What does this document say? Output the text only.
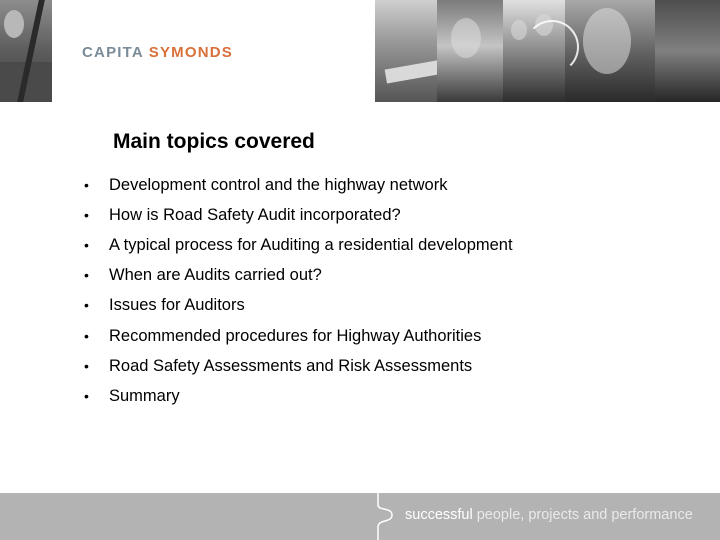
CAPITA SYMONDS
Main topics covered
• Development control and the highway network
• How is Road Safety Audit incorporated?
• A typical process for Auditing a residential development
• When are Audits carried out?
• Issues for Auditors
• Recommended procedures for Highway Authorities
• Road Safety Assessments and Risk Assessments
• Summary
successful people, projects and performance
